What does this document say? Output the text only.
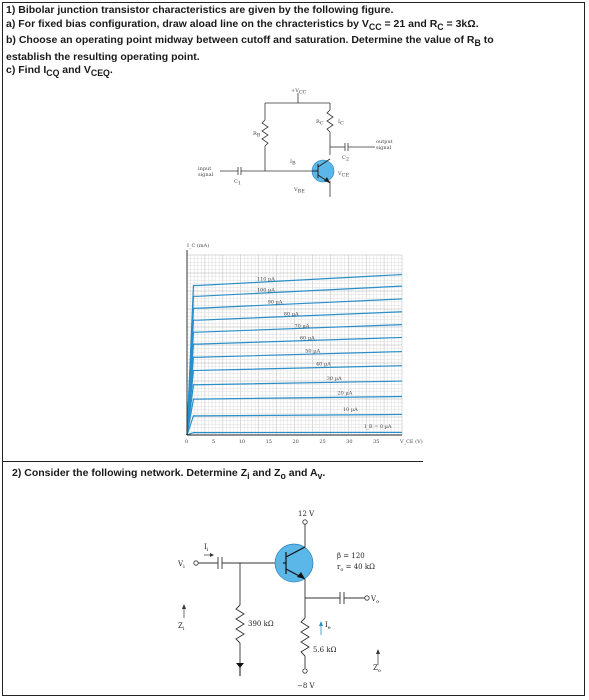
1) Bibolar junction transistor characteristics are given by the following figure.
a) For fixed bias configuration, draw aload line on the chracteristics by $V_{CC} = 21$ and $R_C = 3k\Omega$.
b) Choose an operating point midway between cutoff and saturation. Determine the value of $R_B$ to
establish the resulting operating point.
c) Find $I_{CQ}$ and $V_{CEQ}$.
+VCC
RB
RC	IC
C1
C2
IB
input
signal
output
signal
VCE
VBE
110 µA
100 µA
90 µA
80 µA
70 µA
60 µA
50 µA
40 µA
30 µA
20 µA
10 µA
I_B = 0 µA
0	5	10	15	20	25	30	35
I_C (mA)
V_CE (V)
2) Consider the following network. Determine $Z_i$ and $Z_o$ and $A_v$.
12 V
−8 V
β = 120
$r_o = 40$ kΩ
390 kΩ
5.6 kΩ
$I_i$
$V_i$
$V_o$
$I_e$
$Z_i$
$Z_o$
